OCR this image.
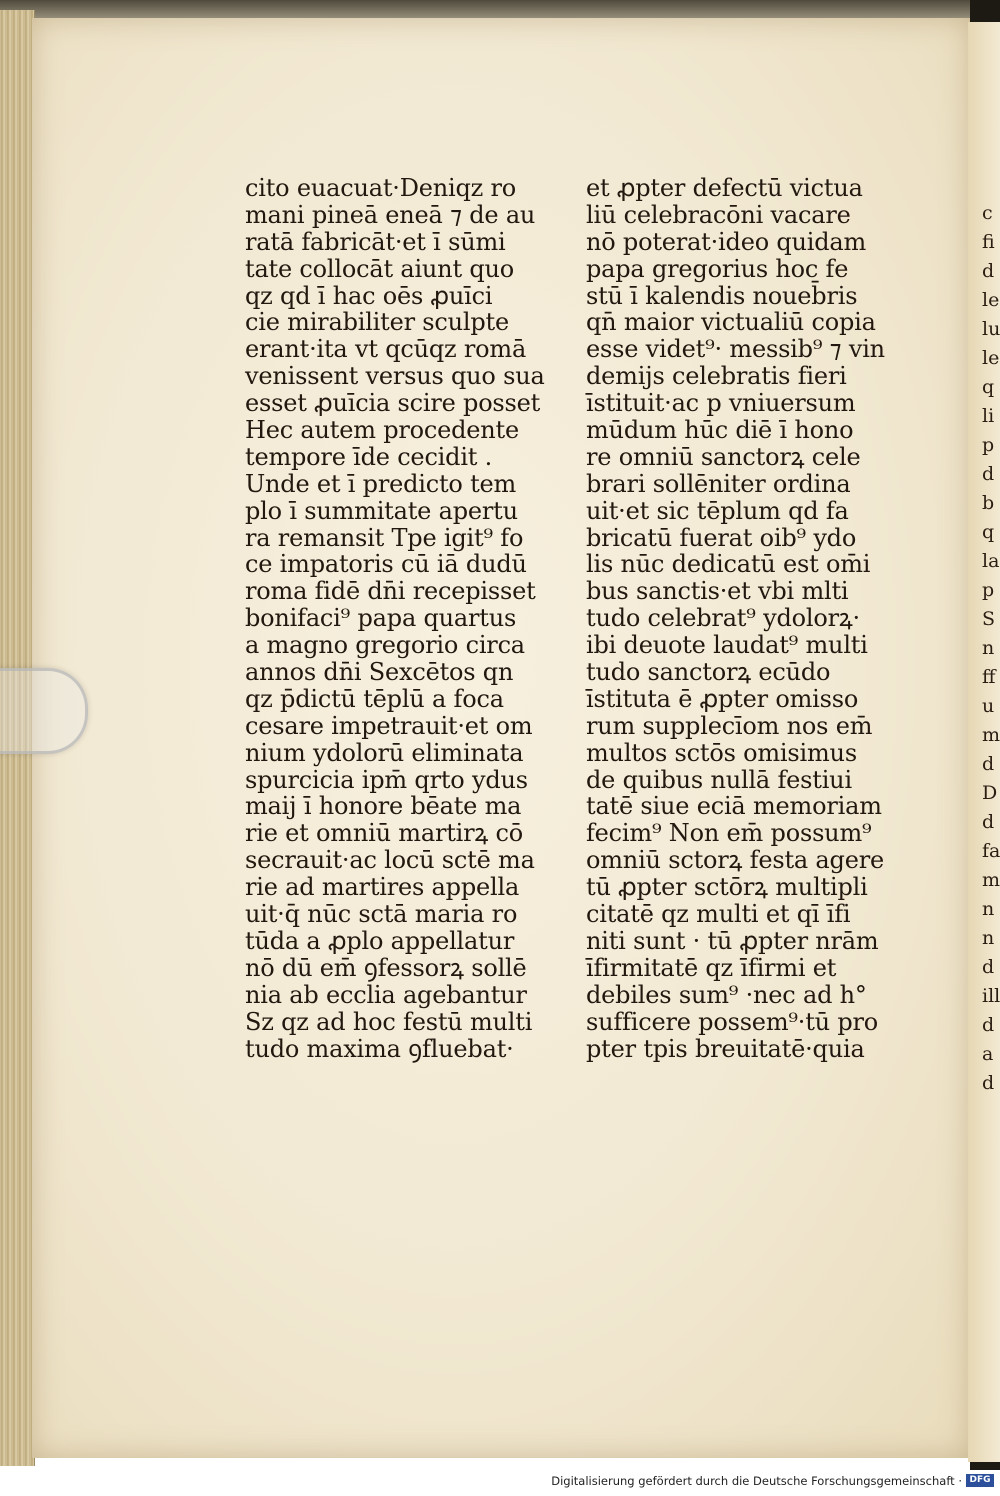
c
fi
d
le
lu
le
q
li
p
d
b
q
la
p
S
n
ff
u
m
d
D
d
fa
m
n
n
d
ill
d
a
d
cito euacuat·Deniqz ro
mani pineā eneā ⁊ de au
ratā fabricāt·et ī sūmi
tate collocāt aiunt quo
qz qd ī hac oēs ꝓuīci
cie mirabiliter sculpte
erant·ita vt qcūqz romā
venissent versus quo sua
esset ꝓuīcia scire posset
Hec autem procedente
tempore īde cecidit .
Unde et ī predicto tem
plo ī summitate apertu
ra remansit Tpe igit⁹ fo
ce impatoris cū iā dudū
roma fidē dn̄i recepisset
bonifaci⁹ papa quartus
a magno gregorio circa
annos dn̄i Sexcētos qn
qz p̄dictū tēplū a foca
cesare impetrauit·et om
nium ydolorū eliminata
spurcicia ipm̄ qrto ydus
maij ī honore bēate ma
rie et omniū martirꝝ cō
secrauit·ac locū sctē ma
rie ad martires appella
uit·q̄ nūc sctā maria ro
tūda a ꝓplo appellatur
nō dū em̄ ꝯfessorꝝ sollē
nia ab ecclia agebantur
Sz qz ad hoc festū multi
tudo maxima ꝯfluebat·
et ꝓpter defectū victua
liū celebracōni vacare
nō poterat·ideo quidam
papa gregorius hoc fe
stū ī kalendis noueb̄ris
qn̄ maior victualiū copia
esse videt⁹· messib⁹ ⁊ vin
demijs celebratis fieri
īstituit·ac p vniuersum
mūdum hūc diē ī hono
re omniū sanctorꝝ cele
brari sollēniter ordina
uit·et sic tēplum qd fa
bricatū fuerat oib⁹ ydo
lis nūc dedicatū est om̄i
bus sanctis·et vbi mlti
tudo celebrat⁹ ydolorꝝ·
ibi deuote laudat⁹ multi
tudo sanctorꝝ ecūdo
īstituta ē ꝓpter omisso
rum supplecīom nos em̄
multos sctōs omisimus
de quibus nullā festiui
tatē siue eciā memoriam
fecim⁹ Non em̄ possum⁹
omniū sctorꝝ festa agere
tū ꝓpter sctōrꝝ multipli
citatē qz multi et qī īfi
niti sunt · tū ꝓpter nrām
īfirmitatē qz īfirmi et
debiles sum⁹ ·nec ad h°
sufficere possem⁹·tū pro
pter tpis breuitatē·quia
Digitalisierung gefördert durch die Deutsche Forschungsgemeinschaft · DFG
